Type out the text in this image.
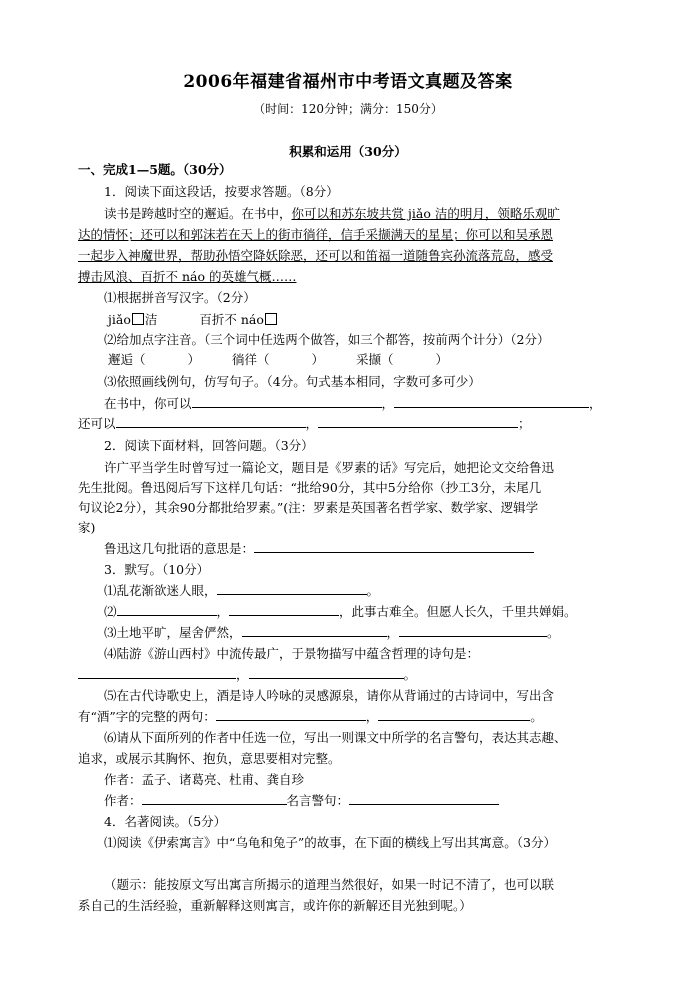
2006年福建省福州市中考语文真题及答案
（时间：120分钟；满分：150分）
积累和运用（30分）
一、完成1—5题。（30分）
1．阅读下面这段话，按要求答题。（8分）
读书是跨越时空的邂逅。在书中，你可以和苏东坡共赏 jiǎo 洁的明月，领略乐观旷
达的情怀；还可以和郭沫若在天上的街市徜徉，信手采撷满天的星星；你可以和吴承恩
一起步入神魔世界，帮助孙悟空降妖除恶，还可以和笛福一道随鲁宾孙流落荒岛，感受
搏击风浪、百折不 náo 的英雄气概……
⑴根据拼音写汉字。（2分）
jiǎo 洁	百折不 náo
⑵给加点字注音。（三个词中任选两个做答，如三个都答，按前两个计分）（2分）
邂逅（	）	徜徉（	）	采撷（	）
⑶依照画线例句，仿写句子。（4分。句式基本相同，字数可多可少）
在书中，你可以	，	，
还可以	，	；
2．阅读下面材料，回答问题。（3分）
许广平当学生时曾写过一篇论文，题目是《罗素的话》写完后，她把论文交给鲁迅
先生批阅。鲁迅阅后写下这样几句话：“批给90分，其中5分给你（抄工3分，未尾几
句议论2分），其余90分都批给罗素。”(注：罗素是英国著名哲学家、数学家、逻辑学
家)
鲁迅这几句批语的意思是：
3．默写。（10分）
⑴乱花渐欲迷人眼，	。
⑵	，	，此事古难全。但愿人长久，千里共婵娟。
⑶土地平旷，屋舍俨然，	，	。
⑷陆游《游山西村》中流传最广，于景物描写中蕴含哲理的诗句是：
，	。
⑸在古代诗歌史上，酒是诗人吟咏的灵感源泉，请你从背诵过的古诗词中，写出含
有“酒”字的完整的两句：	，	。
⑹请从下面所列的作者中任选一位，写出一则课文中所学的名言警句，表达其志趣、
追求，或展示其胸怀、抱负，意思要相对完整。
作者：孟子、诸葛亮、杜甫、龚自珍
作者：	名言警句：
4．名著阅读。（5分）
⑴阅读《伊索寓言》中“乌龟和兔子”的故事，在下面的横线上写出其寓意。（3分）
（题示：能按原文写出寓言所揭示的道理当然很好，如果一时记不清了，也可以联
系自己的生活经验，重新解释这则寓言，或许你的新解还目光独到呢。）
